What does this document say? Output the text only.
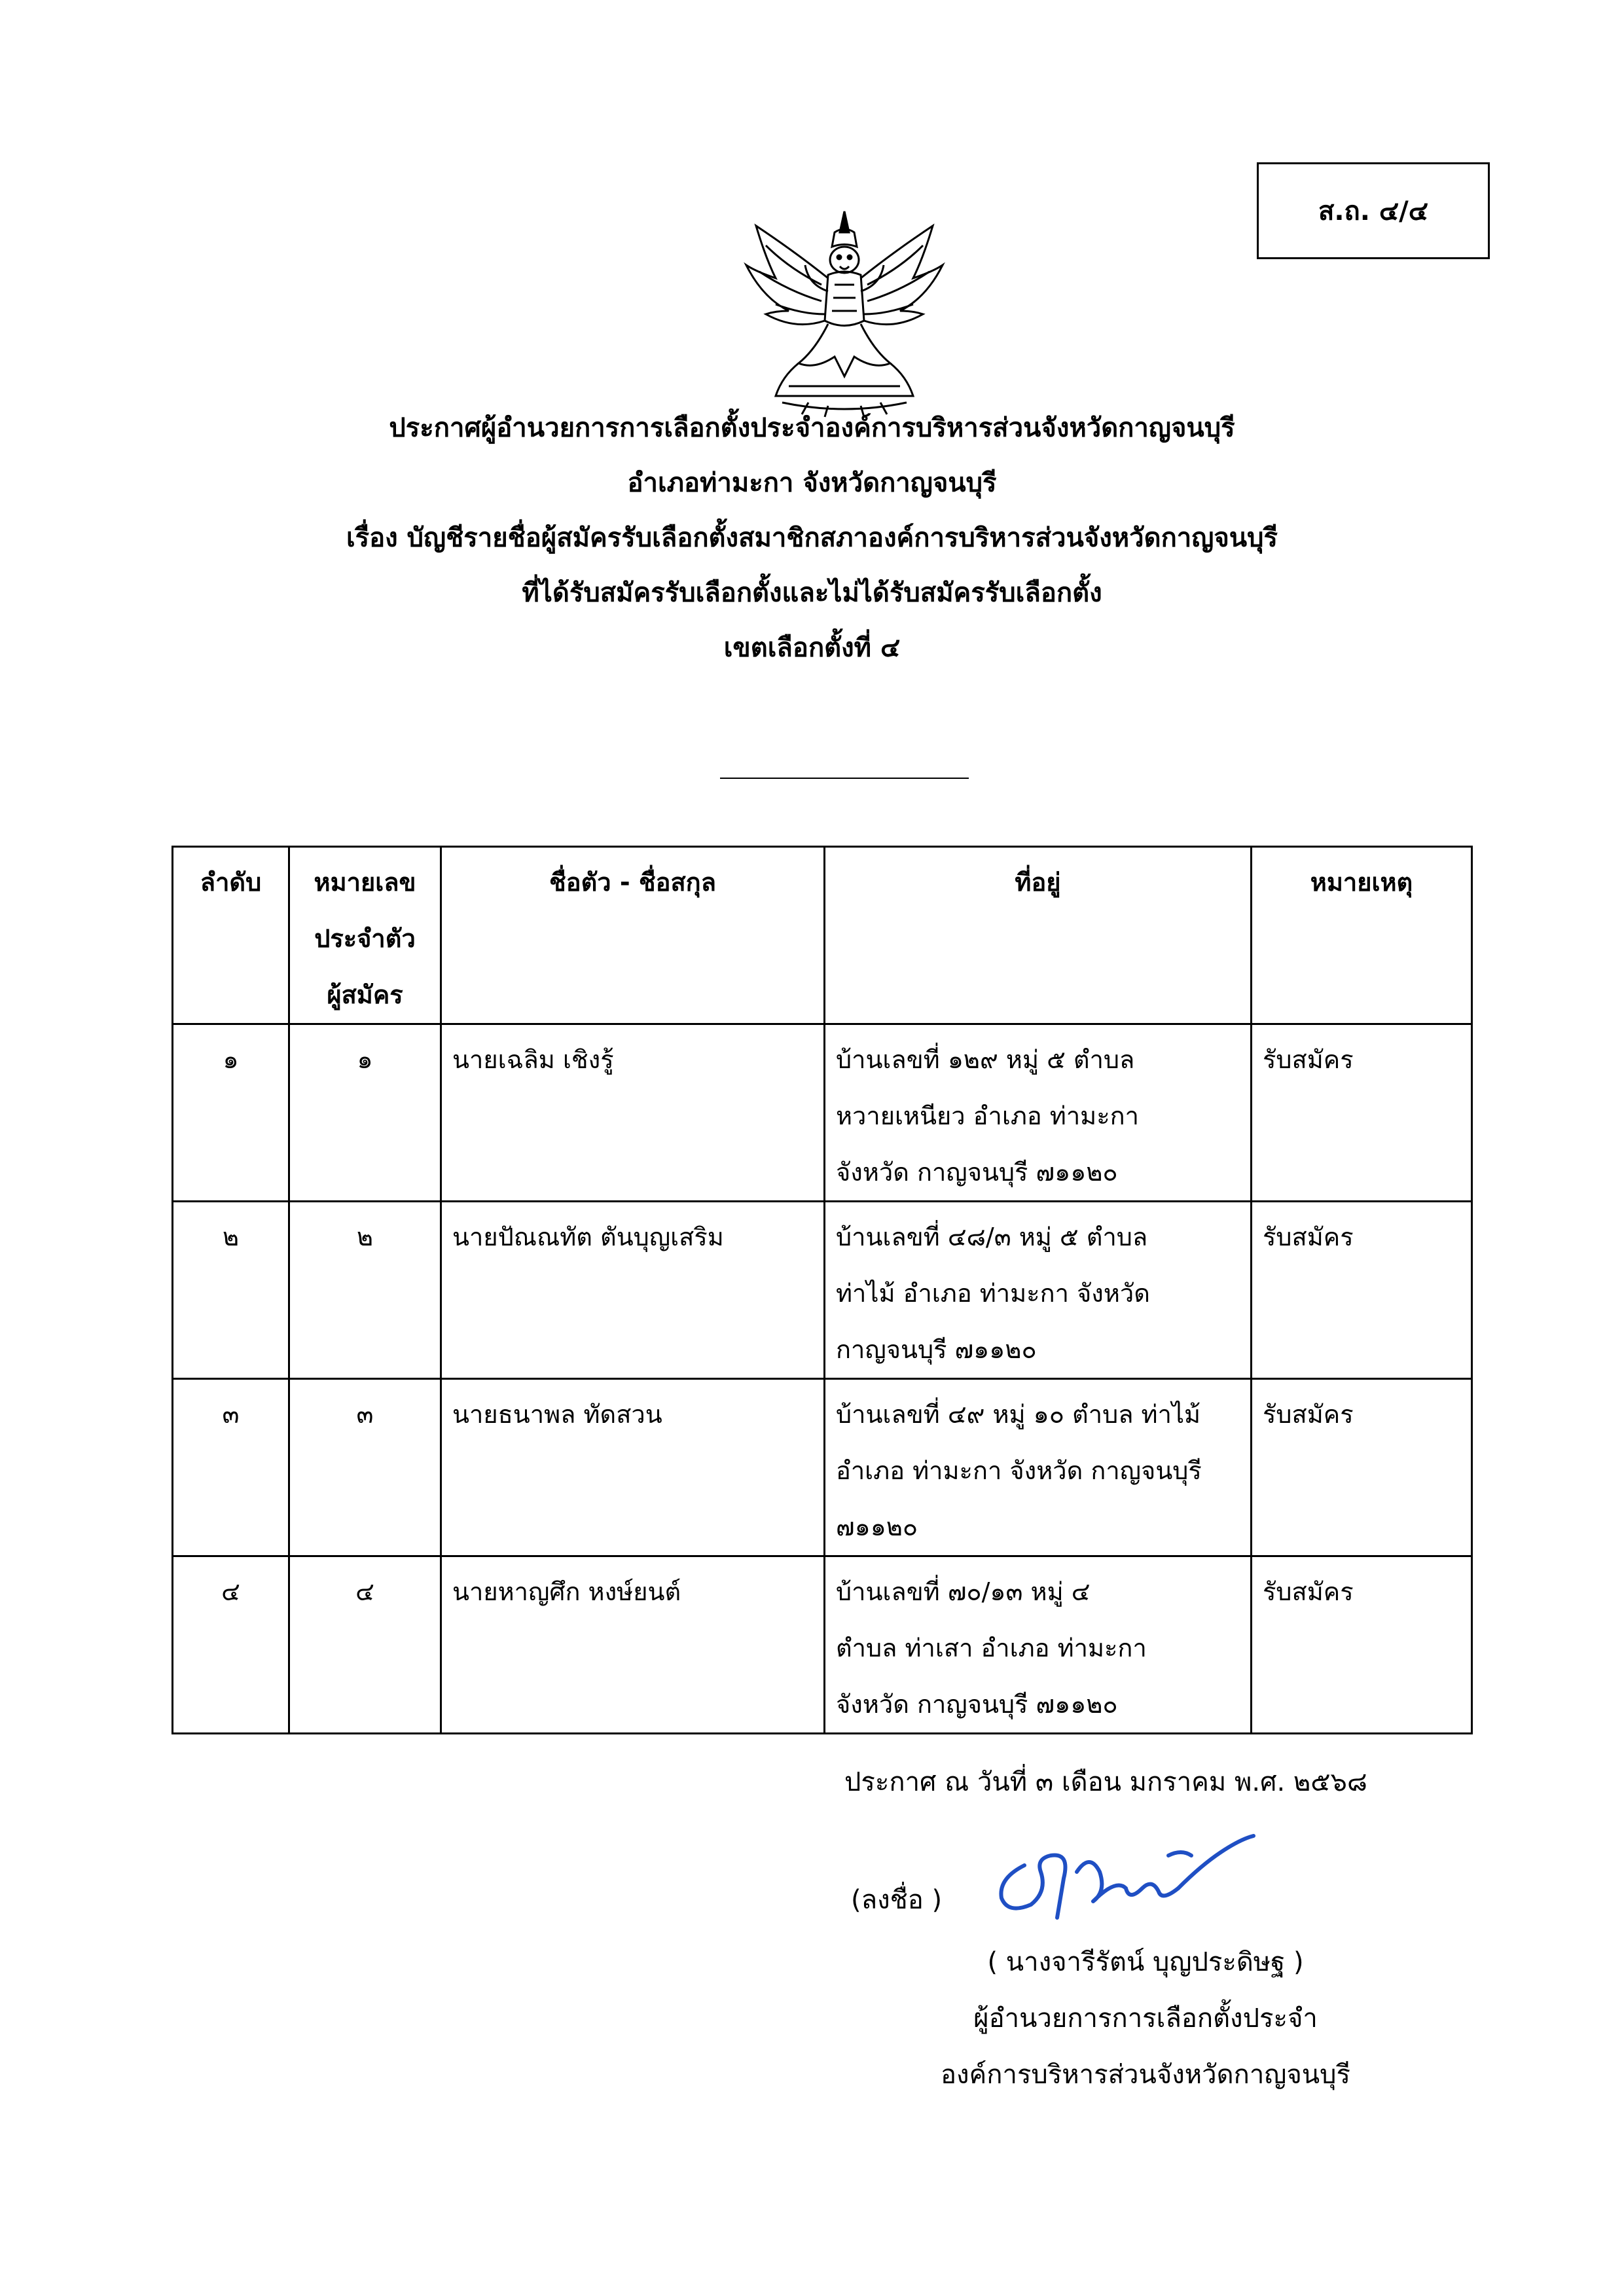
ส.ถ. ๔/๔
ประกาศผู้อำนวยการการเลือกตั้งประจำองค์การบริหารส่วนจังหวัดกาญจนบุรี
อำเภอท่ามะกา จังหวัดกาญจนบุรี
เรื่อง บัญชีรายชื่อผู้สมัครรับเลือกตั้งสมาชิกสภาองค์การบริหารส่วนจังหวัดกาญจนบุรี
ที่ได้รับสมัครรับเลือกตั้งและไม่ได้รับสมัครรับเลือกตั้ง
เขตเลือกตั้งที่ ๔
ลำดับ	หมายเลข
ประจำตัว
ผู้สมัคร	ชื่อตัว - ชื่อสกุล	ที่อยู่	หมายเหตุ
๑	๑	นายเฉลิม เชิงรู้	บ้านเลขที่ ๑๒๙ หมู่ ๕ ตำบล
หวายเหนียว อำเภอ ท่ามะกา
จังหวัด กาญจนบุรี ๗๑๑๒๐	รับสมัคร
๒	๒	นายปัณณทัต ตันบุญเสริม	บ้านเลขที่ ๔๘/๓ หมู่ ๕ ตำบล
ท่าไม้ อำเภอ ท่ามะกา จังหวัด
กาญจนบุรี ๗๑๑๒๐	รับสมัคร
๓	๓	นายธนาพล ทัดสวน	บ้านเลขที่ ๔๙ หมู่ ๑๐ ตำบล ท่าไม้
อำเภอ ท่ามะกา จังหวัด กาญจนบุรี
๗๑๑๒๐	รับสมัคร
๔	๔	นายหาญศึก หงษ์ยนต์	บ้านเลขที่ ๗๐/๑๓ หมู่ ๔
ตำบล ท่าเสา อำเภอ ท่ามะกา
จังหวัด กาญจนบุรี ๗๑๑๒๐	รับสมัคร
ประกาศ ณ วันที่ ๓ เดือน มกราคม พ.ศ. ๒๕๖๘
(ลงชื่อ )
( นางจารีรัตน์ บุญประดิษฐ )
ผู้อำนวยการการเลือกตั้งประจำ
องค์การบริหารส่วนจังหวัดกาญจนบุรี
